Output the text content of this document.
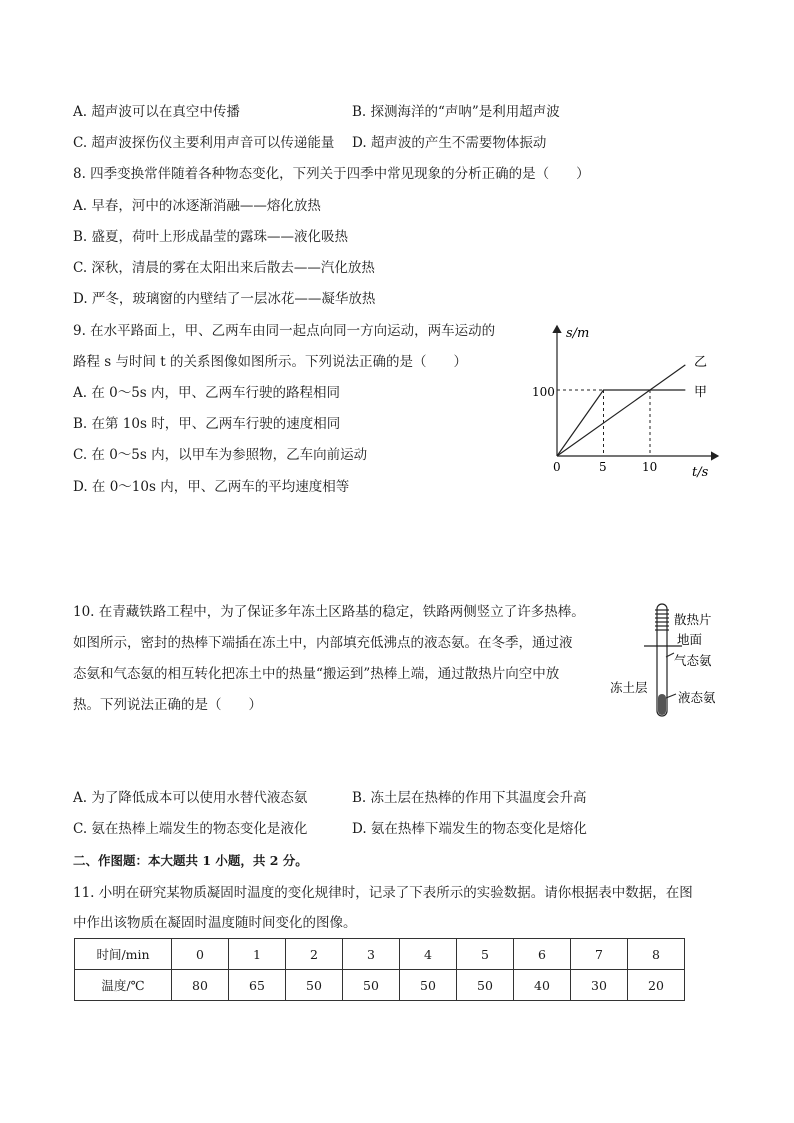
A. 超声波可以在真空中传播	B. 探测海洋的“声呐”是利用超声波
C. 超声波探伤仪主要利用声音可以传递能量 D. 超声波的产生不需要物体振动
8. 四季变换常伴随着各种物态变化，下列关于四季中常见现象的分析正确的是（　　）
A. 早春，河中的冰逐渐消融——熔化放热
B. 盛夏，荷叶上形成晶莹的露珠——液化吸热
C. 深秋，清晨的雾在太阳出来后散去——汽化放热
D. 严冬，玻璃窗的内壁结了一层冰花——凝华放热
9. 在水平路面上，甲、乙两车由同一起点向同一方向运动，两车运动的
路程 s 与时间 t 的关系图像如图所示。下列说法正确的是（　　）
A. 在 0～5s 内，甲、乙两车行驶的路程相同
B. 在第 10s 时，甲、乙两车行驶的速度相同
C. 在 0～5s 内，以甲车为参照物，乙车向前运动
D. 在 0～10s 内，甲、乙两车的平均速度相等
s/m
t/s
0	5	10
100	甲
乙
10. 在青藏铁路工程中，为了保证多年冻土区路基的稳定，铁路两侧竖立了许多热棒。
如图所示，密封的热棒下端插在冻土中，内部填充低沸点的液态氨。在冬季，通过液
态氨和气态氨的相互转化把冻土中的热量“搬运到”热棒上端，通过散热片向空中放
热。下列说法正确的是（　　）
散热片
地面
气态氨
冻土层
液态氨
A. 为了降低成本可以使用水替代液态氨	B. 冻土层在热棒的作用下其温度会升高
C. 氨在热棒上端发生的物态变化是液化	D. 氨在热棒下端发生的物态变化是熔化
二、作图题：本大题共 1 小题，共 2 分。
11. 小明在研究某物质凝固时温度的变化规律时，记录了下表所示的实验数据。请你根据表中数据，在图
中作出该物质在凝固时温度随时间变化的图像。
时间/min	0	1	2	3	4	5	6	7	8
温度/℃	80	65	50	50	50	50	40	30	20
